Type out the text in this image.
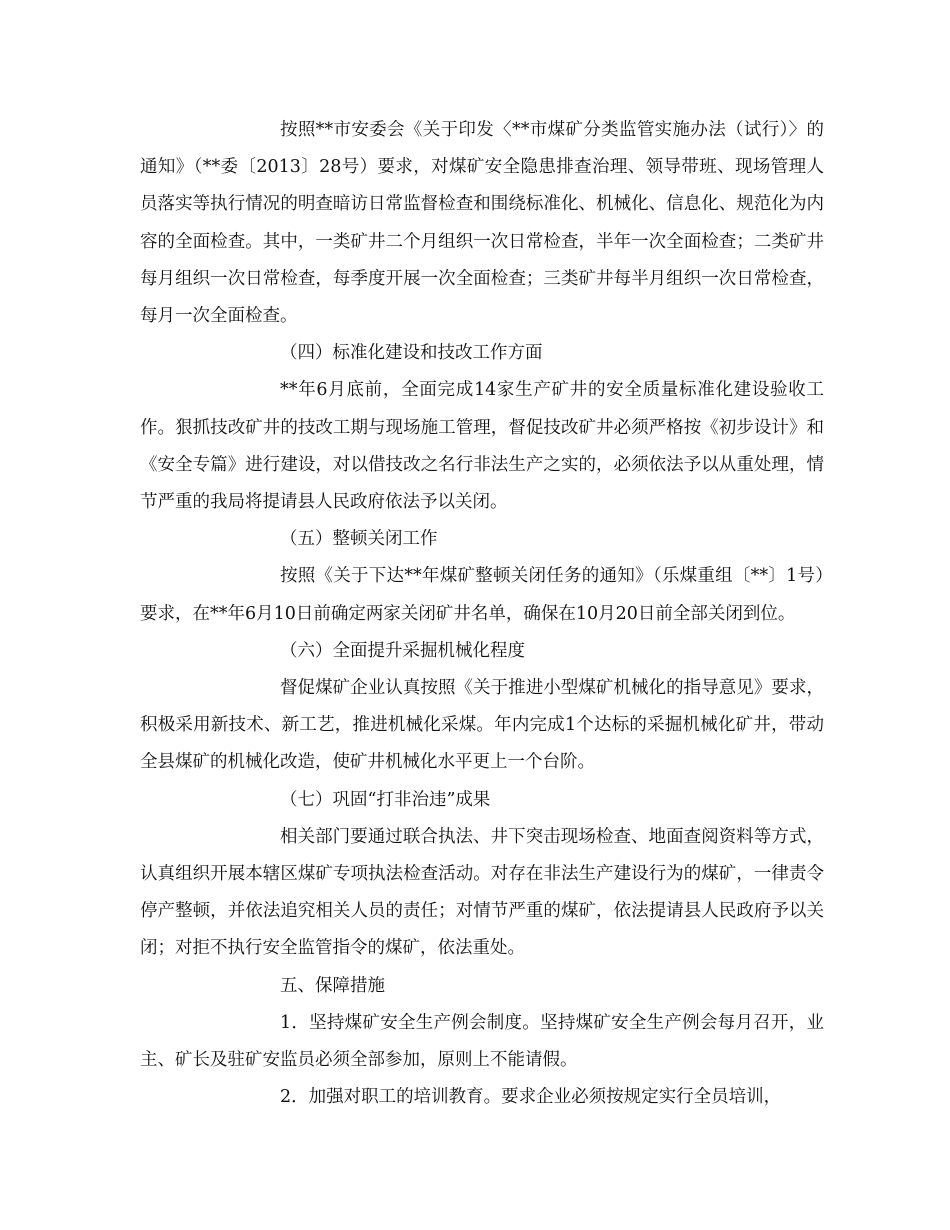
按照**市安委会《关于印发〈**市煤矿分类监管实施办法（试行）〉的通知》（**委〔2013〕28号）要求，对煤矿安全隐患排查治理、领导带班、现场管理人员落实等执行情况的明查暗访日常监督检查和围绕标准化、机械化、信息化、规范化为内容的全面检查。其中，一类矿井二个月组织一次日常检查，半年一次全面检查；二类矿井每月组织一次日常检查，每季度开展一次全面检查；三类矿井每半月组织一次日常检查，每月一次全面检查。

（四）标准化建设和技改工作方面

**年6月底前，全面完成14家生产矿井的安全质量标准化建设验收工作。狠抓技改矿井的技改工期与现场施工管理，督促技改矿井必须严格按《初步设计》和《安全专篇》进行建设，对以借技改之名行非法生产之实的，必须依法予以从重处理，情节严重的我局将提请县人民政府依法予以关闭。

（五）整顿关闭工作

按照《关于下达**年煤矿整顿关闭任务的通知》（乐煤重组〔**〕1号）要求，在**年6月10日前确定两家关闭矿井名单，确保在10月20日前全部关闭到位。

（六）全面提升采掘机械化程度

督促煤矿企业认真按照《关于推进小型煤矿机械化的指导意见》要求，积极采用新技术、新工艺，推进机械化采煤。年内完成1个达标的采掘机械化矿井，带动全县煤矿的机械化改造，使矿井机械化水平更上一个台阶。

（七）巩固“打非治违”成果

相关部门要通过联合执法、井下突击现场检查、地面查阅资料等方式，认真组织开展本辖区煤矿专项执法检查活动。对存在非法生产建设行为的煤矿，一律责令停产整顿，并依法追究相关人员的责任；对情节严重的煤矿，依法提请县人民政府予以关闭；对拒不执行安全监管指令的煤矿，依法重处。

五、保障措施

1．坚持煤矿安全生产例会制度。坚持煤矿安全生产例会每月召开，业主、矿长及驻矿安监员必须全部参加，原则上不能请假。

2．加强对职工的培训教育。要求企业必须按规定实行全员培训，
